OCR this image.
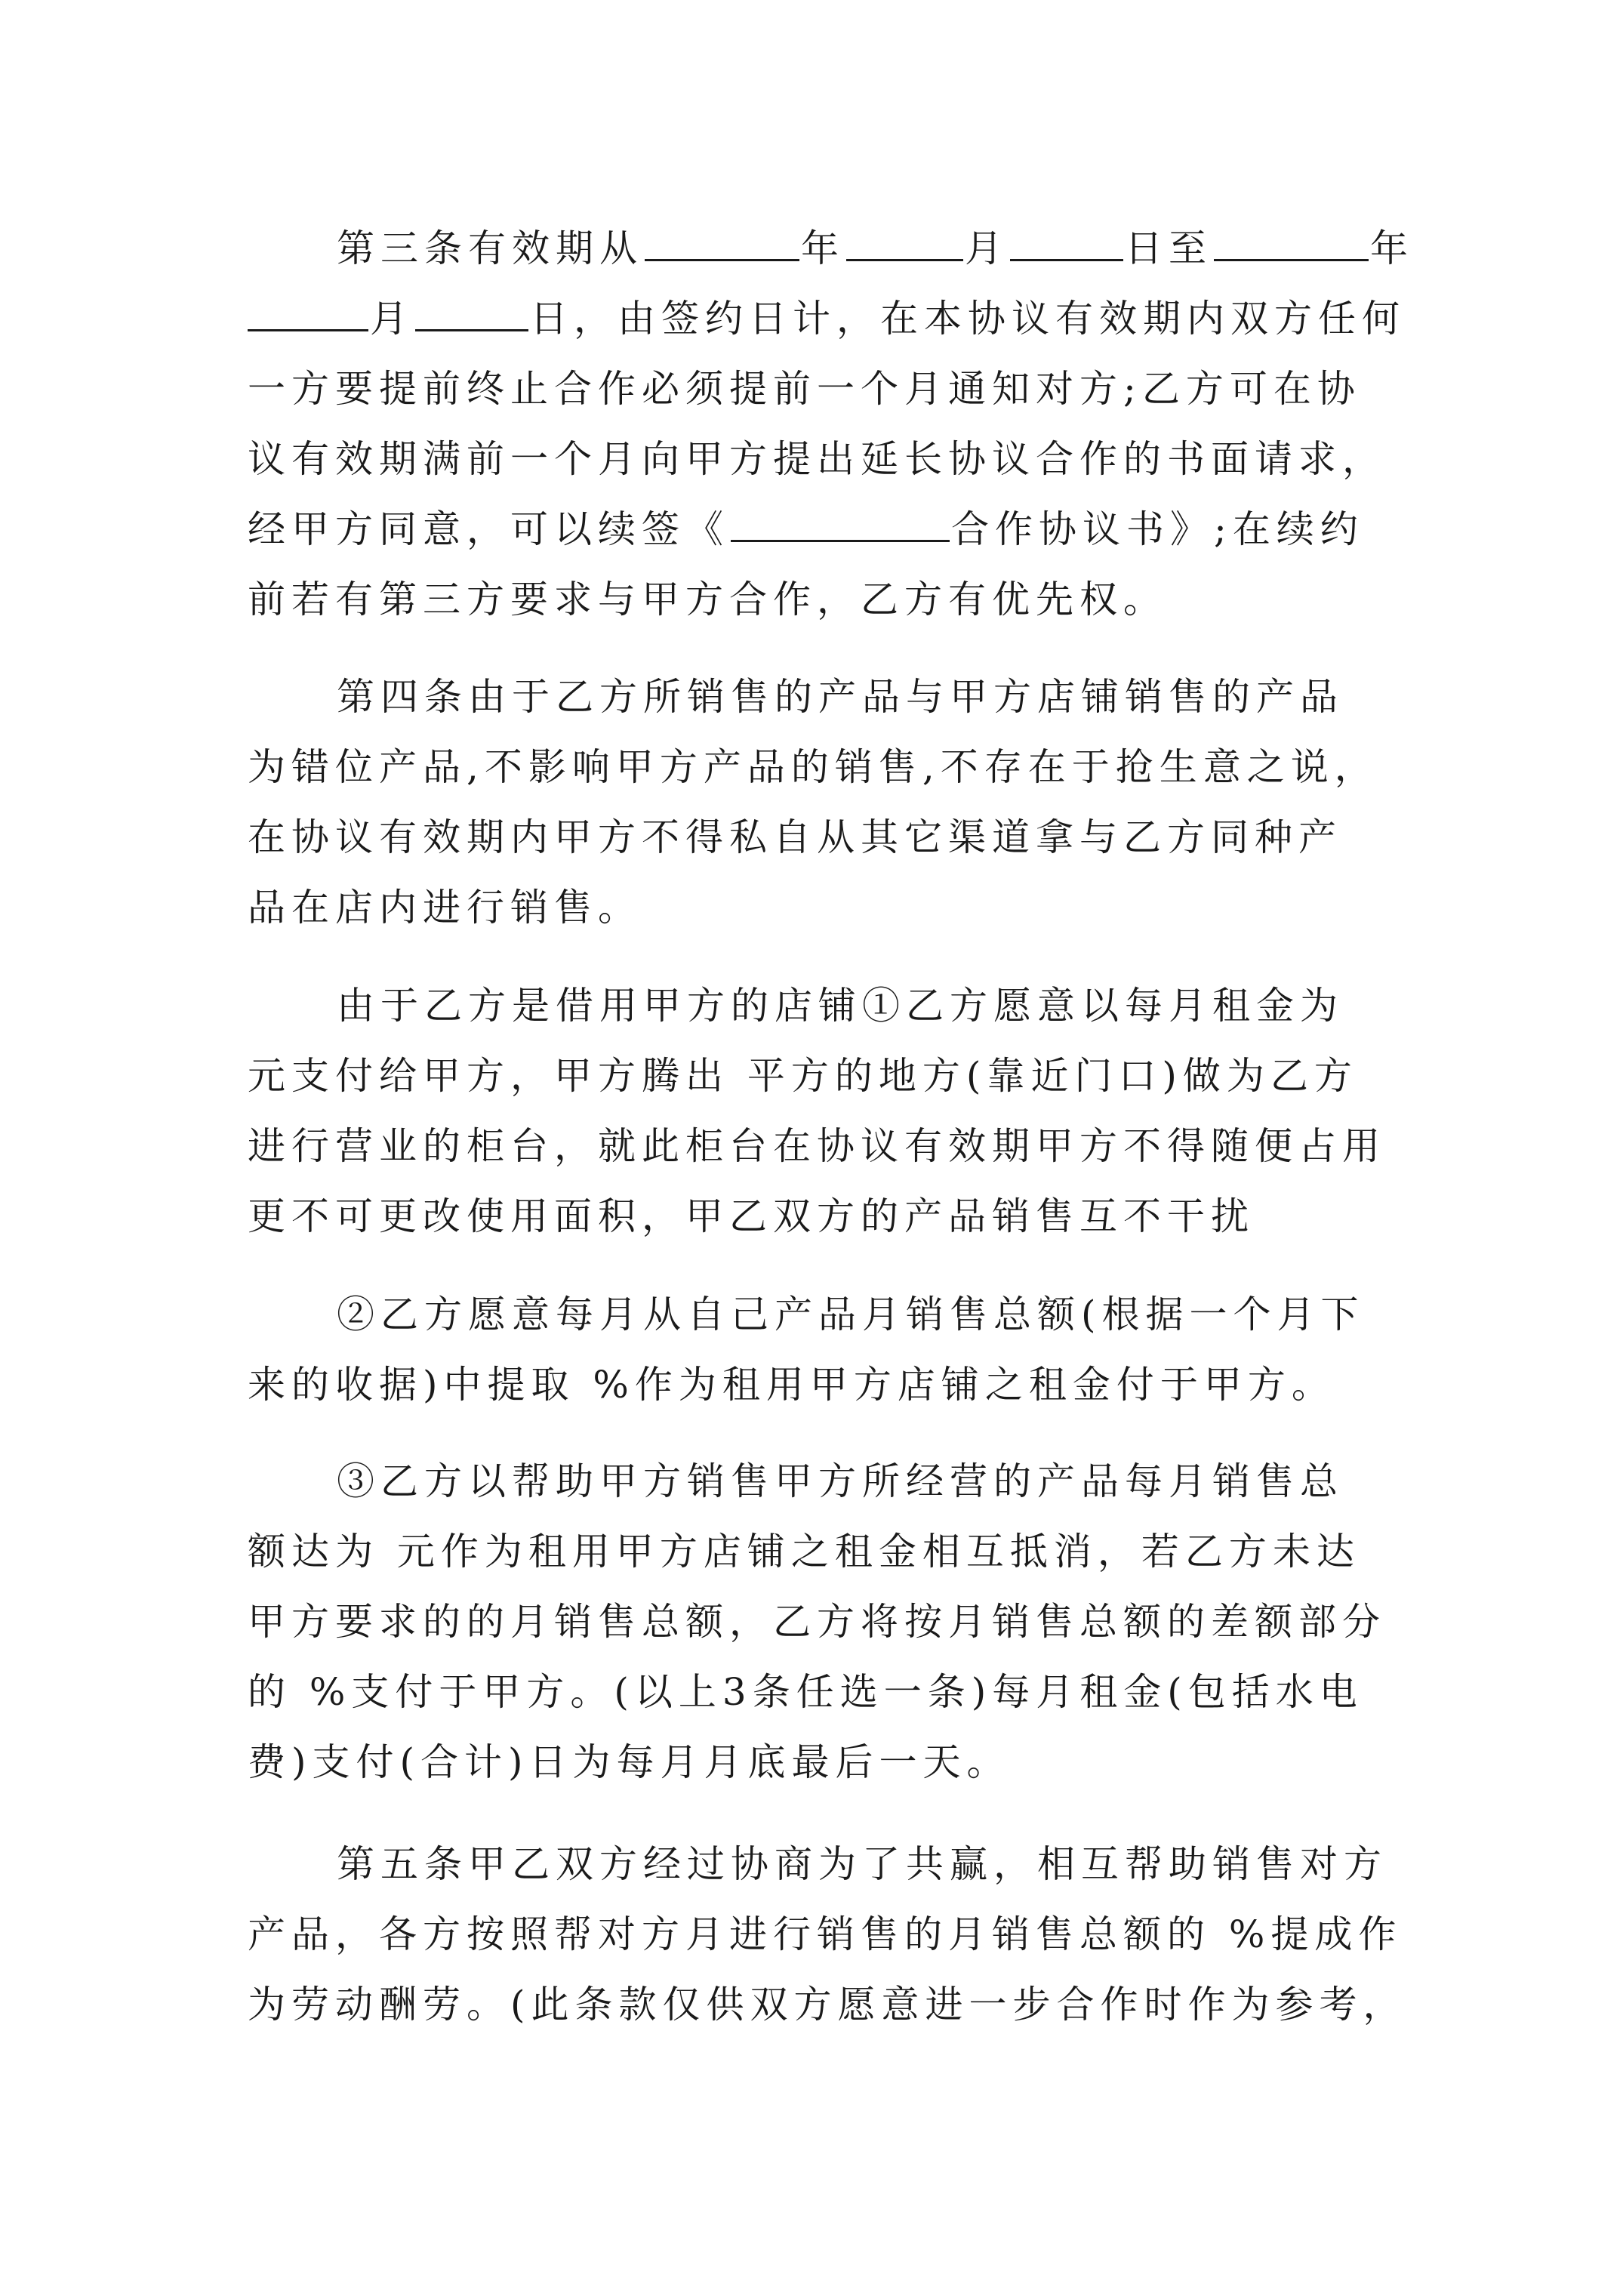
第三条有效期从	年	月	日至	年
月	日，由签约日计，在本协议有效期内双方任何
一方要提前终止合作必须提前一个月通知对方;乙方可在协
议有效期满前一个月向甲方提出延长协议合作的书面请求，
经甲方同意，可以续签《	合作协议书》;在续约
前若有第三方要求与甲方合作，乙方有优先权。
第四条由于乙方所销售的产品与甲方店铺销售的产品
为错位产品,不影响甲方产品的销售,不存在于抢生意之说，
在协议有效期内甲方不得私自从其它渠道拿与乙方同种产
品在店内进行销售。
由于乙方是借用甲方的店铺①乙方愿意以每月租金为
元支付给甲方，甲方腾出 平方的地方(靠近门口)做为乙方
进行营业的柜台，就此柜台在协议有效期甲方不得随便占用
更不可更改使用面积，甲乙双方的产品销售互不干扰
②乙方愿意每月从自己产品月销售总额(根据一个月下
来的收据)中提取 %作为租用甲方店铺之租金付于甲方。
③乙方以帮助甲方销售甲方所经营的产品每月销售总
额达为 元作为租用甲方店铺之租金相互抵消，若乙方未达
甲方要求的的月销售总额，乙方将按月销售总额的差额部分
的 %支付于甲方。(以上3条任选一条)每月租金(包括水电
费)支付(合计)日为每月月底最后一天。
第五条甲乙双方经过协商为了共赢，相互帮助销售对方
产品，各方按照帮对方月进行销售的月销售总额的 %提成作
为劳动酬劳。(此条款仅供双方愿意进一步合作时作为参考，
